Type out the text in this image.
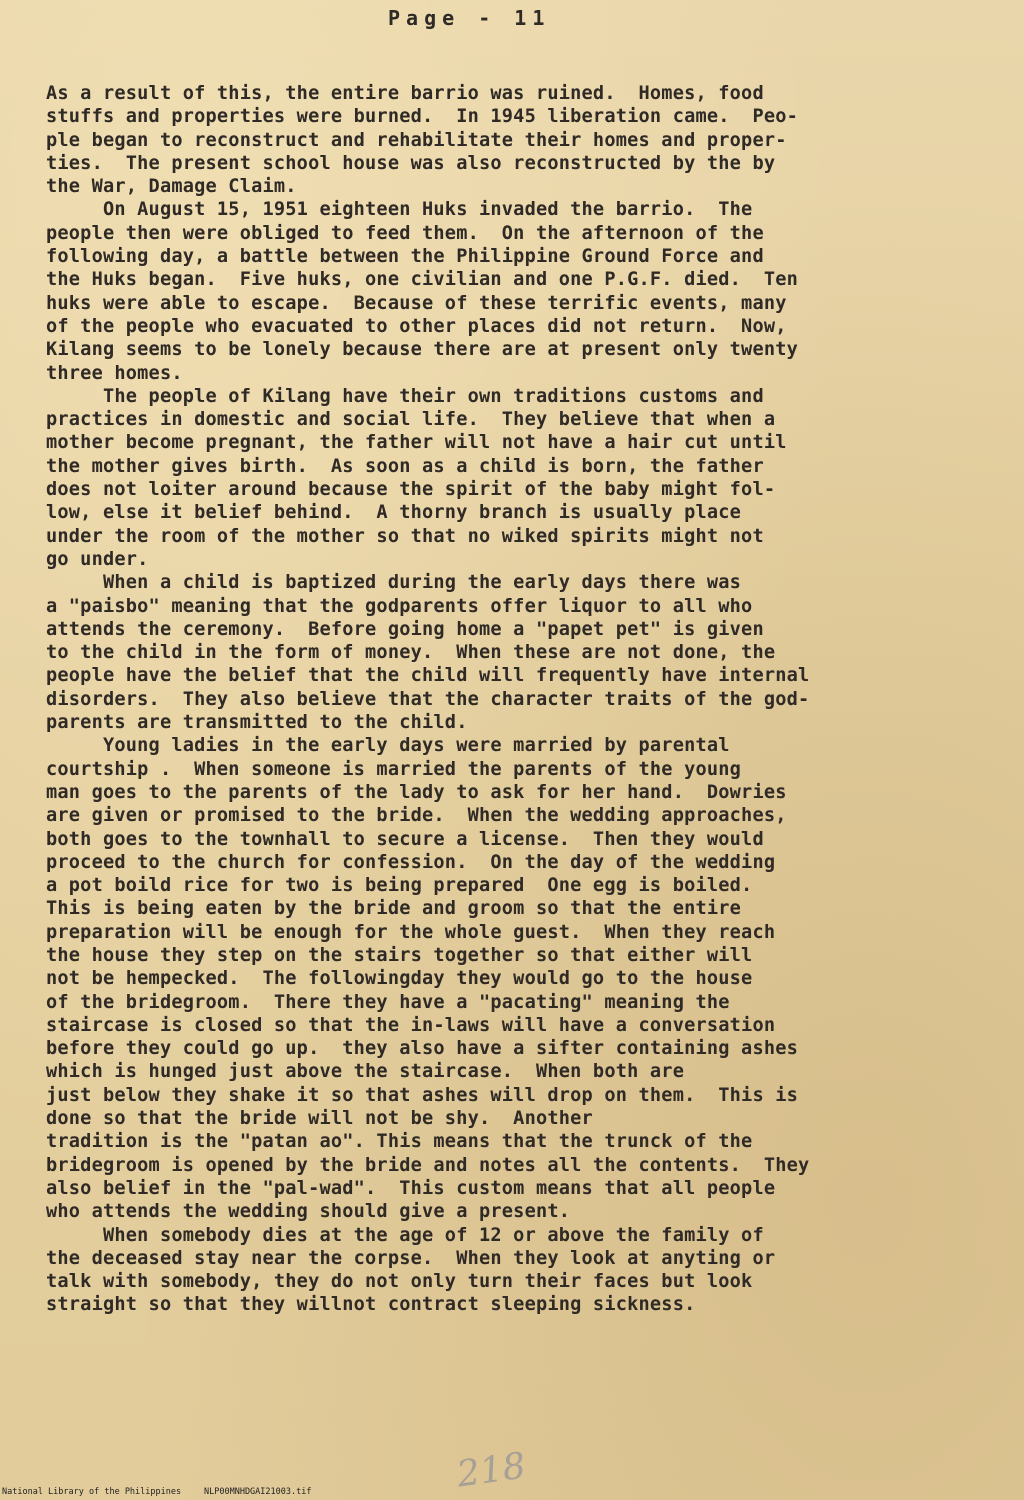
Page - 11
As a result of this, the entire barrio was ruined.  Homes, food
stuffs and properties were burned.  In 1945 liberation came.  Peo-
ple began to reconstruct and rehabilitate their homes and proper-
ties.  The present school house was also reconstructed by the by
the War, Damage Claim.
On August 15, 1951 eighteen Huks invaded the barrio.  The
people then were obliged to feed them.  On the afternoon of the
following day, a battle between the Philippine Ground Force and
the Huks began.  Five huks, one civilian and one P.G.F. died.  Ten
huks were able to escape.  Because of these terrific events, many
of the people who evacuated to other places did not return.  Now,
Kilang seems to be lonely because there are at present only twenty
three homes.
The people of Kilang have their own traditions customs and
practices in domestic and social life.  They believe that when a
mother become pregnant, the father will not have a hair cut until
the mother gives birth.  As soon as a child is born, the father
does not loiter around because the spirit of the baby might fol-
low, else it belief behind.  A thorny branch is usually place
under the room of the mother so that no wiked spirits might not
go under.
When a child is baptized during the early days there was
a "paisbo" meaning that the godparents offer liquor to all who
attends the ceremony.  Before going home a "papet pet" is given
to the child in the form of money.  When these are not done, the
people have the belief that the child will frequently have internal
disorders.  They also believe that the character traits of the god-
parents are transmitted to the child.
Young ladies in the early days were married by parental
courtship .  When someone is married the parents of the young
man goes to the parents of the lady to ask for her hand.  Dowries
are given or promised to the bride.  When the wedding approaches,
both goes to the townhall to secure a license.  Then they would
proceed to the church for confession.  On the day of the wedding
a pot boild rice for two is being prepared  One egg is boiled.
This is being eaten by the bride and groom so that the entire
preparation will be enough for the whole guest.  When they reach
the house they step on the stairs together so that either will
not be hempecked.  The followingday they would go to the house
of the bridegroom.  There they have a "pacating" meaning the
staircase is closed so that the in-laws will have a conversation
before they could go up.  they also have a sifter containing ashes
which is hunged just above the staircase.  When both are
just below they shake it so that ashes will drop on them.  This is
done so that the bride will not be shy.  Another
tradition is the "patan ao". This means that the trunck of the
bridegroom is opened by the bride and notes all the contents.  They
also belief in the "pal-wad".  This custom means that all people
who attends the wedding should give a present.
When somebody dies at the age of 12 or above the family of
the deceased stay near the corpse.  When they look at anyting or
talk with somebody, they do not only turn their faces but look
straight so that they willnot contract sleeping sickness.
218
National Library of the Philippines	NLP00MNHDGAI21003.tif
